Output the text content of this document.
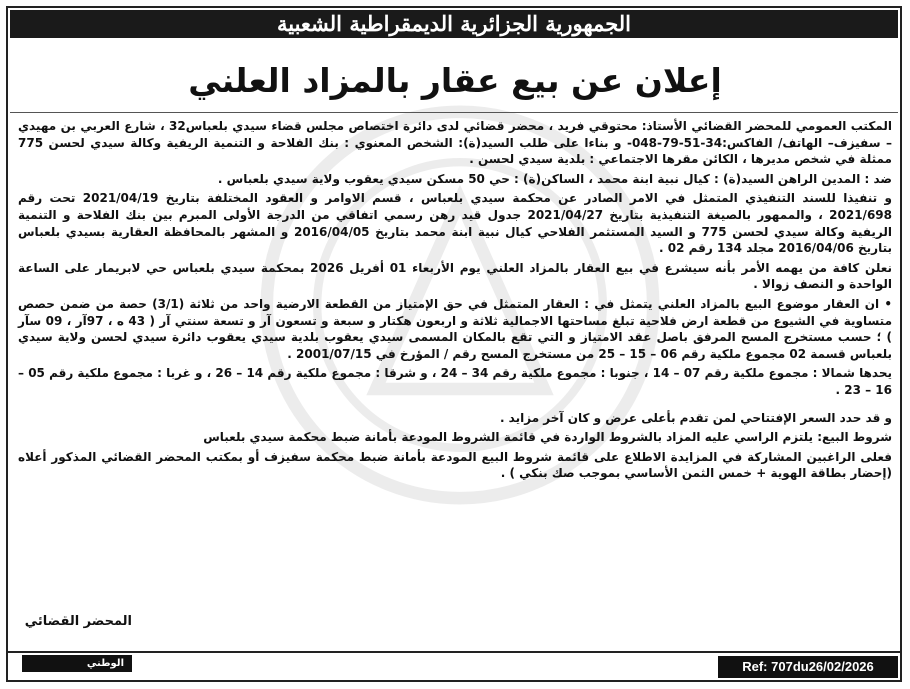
الجمهورية الجزائرية الديمقراطية الشعبية
إعلان عن بيع عقار بالمزاد العلني

المكتب العمومي للمحضر القضائي الأستاذ: محتوقي فريد ، محضر قضائي لدى دائرة اختصاص مجلس قضاء سيدي بلعباس32 ، شارع العربي بن مهيدي – سفيزف– الهاتف/ الفاكس:34-51-79-048- و بناءا على طلب السيد(ة): الشخص المعنوي : بنك الفلاحة و التنمية الريفية وكالة سيدي لحسن 775 ممثلة في شخص مديرها ، الكائن مقرها الاجتماعي : بلدية سيدي لحسن .

ضد : المدين الراهن السيد(ة) : كيال نبية ابنة محمد ، الساكن(ة) : حي 50 مسكن سيدي يعقوب ولاية سيدي بلعباس .

و تنفيذا للسند التنفيذي المتمثل في الامر الصادر عن محكمة سيدي بلعباس ، قسم الاوامر و العقود المختلفة بتاريخ 2021/04/19 تحت رقم 2021/698 ، والممهور بالصيغة التنفيذية بتاريخ 2021/04/27 جدول قيد رهن رسمي اتفاقي من الدرجة الأولى المبرم بين بنك الفلاحة و التنمية الريفية وكالة سيدي لحسن 775 و السيد المستثمر الفلاحي كيال نبية ابنة محمد بتاريخ 2016/04/05 و المشهر بالمحافظة العقارية بسيدي بلعباس بتاريخ 2016/04/06 مجلد 134 رقم 02 .

نعلن كافة من يهمه الأمر بأنه سيشرع في بيع العقار بالمزاد العلني يوم الأربعاء 01 أفريل 2026 بمحكمة سيدي بلعباس حي لابريمار على الساعة الواحدة و النصف زوالا .

• ان العقار موضوع البيع بالمزاد العلني يتمثل في : العقار المتمثل في حق الإمتياز من القطعة الارضية واحد من ثلاثة (3/1) حصة من ضمن حصص متساوية في الشيوع من قطعة ارض فلاحية تبلغ مساحتها الاجمالية ثلاثة و اربعون هكتار و سبعة و تسعون آر و تسعة سنتي آر ( 43 ه ، 97آر ، 09 سآر ) ؛ حسب مستخرج المسح المرفق باصل عقد الامتياز و التي تقع بالمكان المسمى سيدي يعقوب بلدية سيدي يعقوب دائرة سيدي لحسن ولاية سيدي بلعباس قسمة 02 مجموع ملكية رقم 06 – 15 – 25 من مستخرج المسح رقم / المؤرخ في 2001/07/15 .

يحدها شمالا : مجموع ملكية رقم 07 – 14 ، جنوبا : مجموع ملكية رقم 34 – 24 ، و شرقا : مجموع ملكية رقم 14 – 26 ، و غربا : مجموع ملكية رقم 05 – 16 – 23 .

و قد حدد السعر الإفتتاحي لمن تقدم بأعلى عرض و كان آخر مزايد .

شروط البيع: يلتزم الراسي عليه المزاد بالشروط الواردة في قائمة الشروط المودعة بأمانة ضبط محكمة سيدي بلعباس

فعلى الراغبين المشاركة في المزايدة الاطلاع على قائمة شروط البيع المودعة بأمانة ضبط محكمة سفيزف أو بمكتب المحضر القضائي المذكور أعلاه (إحضار بطاقة الهوية + خمس الثمن الأساسي بموجب صك بنكي ) .

المحضر القضائي
الوطني	Ref: 707du26/02/2026
